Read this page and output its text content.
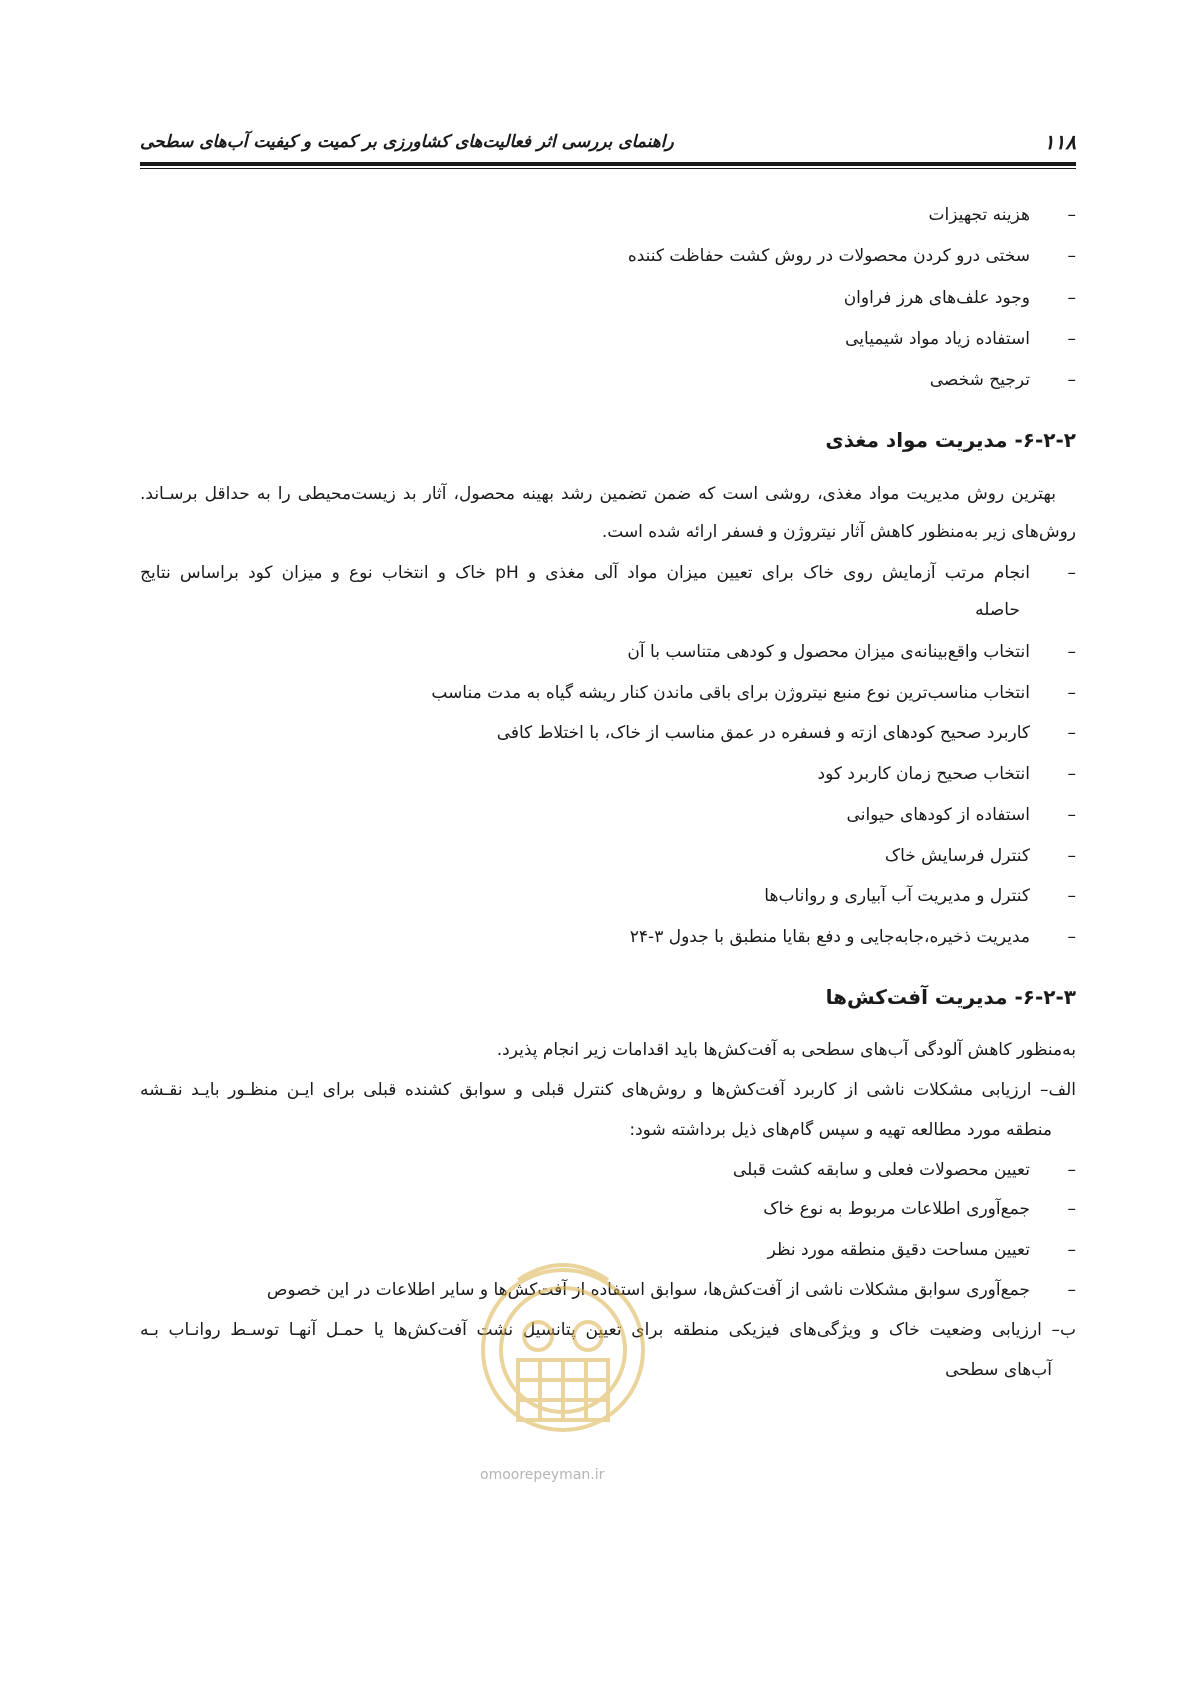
۱۱۸
راهنمای بررسی اثر فعالیت‌های کشاورزی بر کمیت و کیفیت آب‌های سطحی
–هزینه تجهیزات
–سختی درو کردن محصولات در روش کشت حفاظت کننده
–وجود علف‌های هرز فراوان
–استفاده زیاد مواد شیمیایی
–ترجیح شخصی
۶-۲-۲- مدیریت مواد مغذی
بهترین روش مدیریت مواد مغذی، روشی است که ضمن تضمین رشد بهینه محصول، آثار بد زیست‌محیطی را به حداقل برسـاند.
روش‌های زیر به‌منظور کاهش آثار نیتروژن و فسفر ارائه شده است.
–انجام مرتب آزمایش روی خاک برای تعیین میزان مواد آلی مغذی و pH خاک و انتخاب نوع و میزان کود براساس نتایج
حاصله
–انتخاب واقع‌بینانه‌ی میزان محصول و کودهی متناسب با آن
–انتخاب مناسب‌ترین نوع منبع نیتروژن برای باقی ماندن کنار ریشه گیاه به مدت مناسب
–کاربرد صحیح کودهای ازته و فسفره در عمق مناسب از خاک، با اختلاط کافی
–انتخاب صحیح زمان کاربرد کود
–استفاده از کودهای حیوانی
–کنترل فرسایش خاک
–کنترل و مدیریت آب آبیاری و رواناب‌ها
–مدیریت ذخیره،جابه‌جایی و دفع بقایا منطبق با جدول ۳-۲۴
۶-۲-۳- مدیریت آفت‌کش‌ها
به‌منظور کاهش آلودگی آب‌های سطحی به آفت‌کش‌ها باید اقدامات زیر انجام پذیرد.
الف– ارزیابی مشکلات ناشی از کاربرد آفت‌کش‌ها و روش‌های کنترل قبلی و سوابق کشنده قبلی برای ایـن منظـور بایـد نقـشه
منطقه مورد مطالعه تهیه و سپس گام‌های ذیل برداشته شود:
–تعیین محصولات فعلی و سابقه کشت قبلی
–جمع‌آوری اطلاعات مربوط به نوع خاک
–تعیین مساحت دقیق منطقه مورد نظر
–جمع‌آوری سوابق مشکلات ناشی از آفت‌کش‌ها، سوابق استفاده از آفت‌کش‌ها و سایر اطلاعات در این خصوص
ب– ارزیابی وضعیت خاک و ویژگی‌های فیزیکی منطقه برای تعیین پتانسیل نشت آفت‌کش‌ها یا حمـل آنهـا توسـط روانـاب بـه
آب‌های سطحی
omoorepeyman.ir
